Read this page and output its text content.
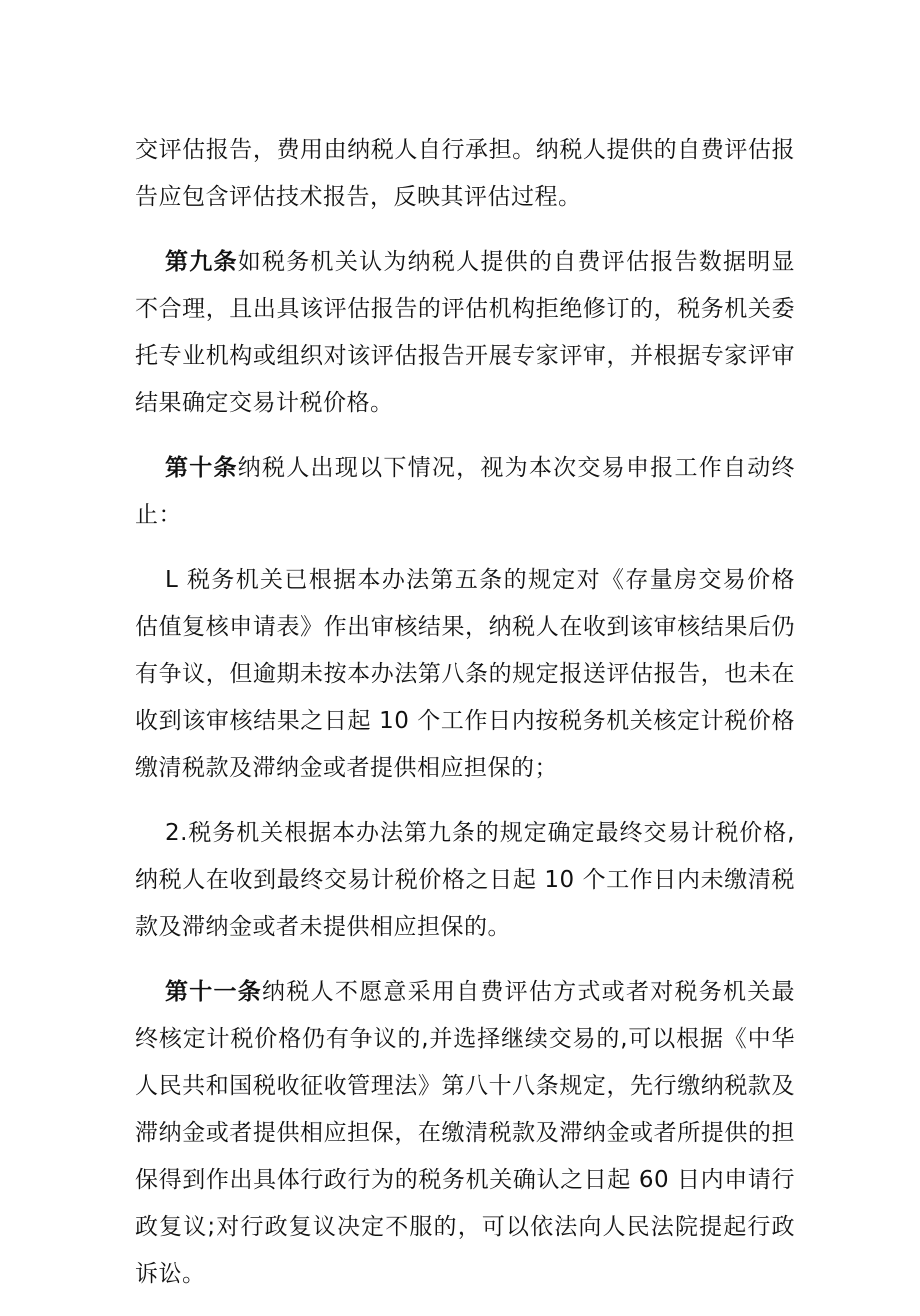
交评估报告，费用由纳税人自行承担。纳税人提供的自费评估报告应包含评估技术报告，反映其评估过程。

第九条如税务机关认为纳税人提供的自费评估报告数据明显不合理，且出具该评估报告的评估机构拒绝修订的，税务机关委托专业机构或组织对该评估报告开展专家评审，并根据专家评审结果确定交易计税价格。

第十条纳税人出现以下情况，视为本次交易申报工作自动终止：

L 税务机关已根据本办法第五条的规定对《存量房交易价格估值复核申请表》作出审核结果，纳税人在收到该审核结果后仍有争议，但逾期未按本办法第八条的规定报送评估报告，也未在收到该审核结果之日起 10 个工作日内按税务机关核定计税价格缴清税款及滞纳金或者提供相应担保的；

2.税务机关根据本办法第九条的规定确定最终交易计税价格,纳税人在收到最终交易计税价格之日起 10 个工作日内未缴清税款及滞纳金或者未提供相应担保的。

第十一条纳税人不愿意采用自费评估方式或者对税务机关最终核定计税价格仍有争议的,并选择继续交易的,可以根据《中华人民共和国税收征收管理法》第八十八条规定，先行缴纳税款及滞纳金或者提供相应担保，在缴清税款及滞纳金或者所提供的担保得到作出具体行政行为的税务机关确认之日起 60 日内申请行政复议;对行政复议决定不服的，可以依法向人民法院提起行政诉讼。
